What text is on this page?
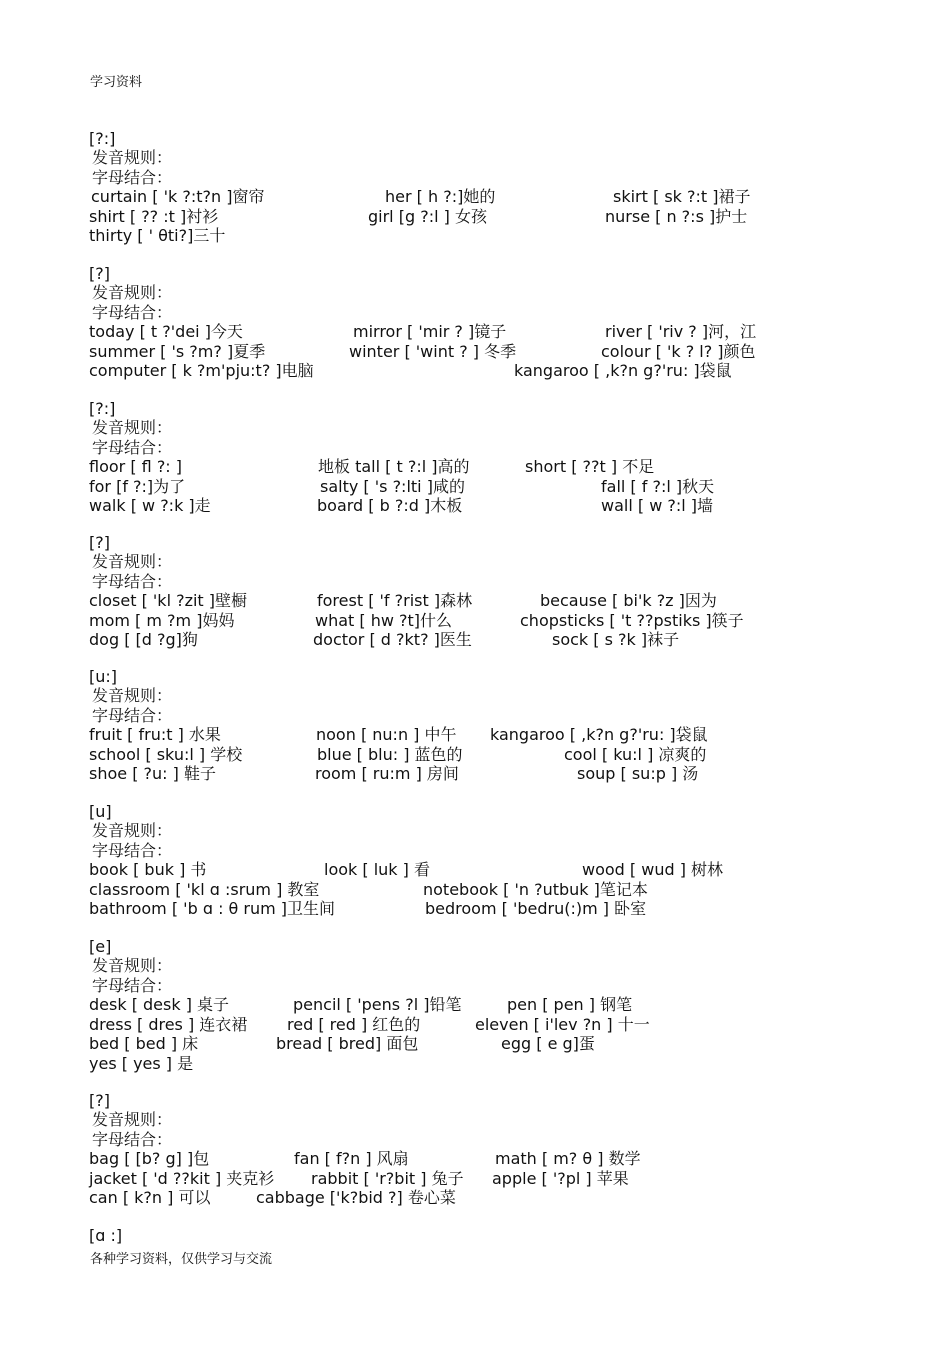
学习资料
[?:]
发音规则：
字母结合：
curtain [ 'k ?:t?n ]窗帘	her [ h ?:]她的	skirt [ sk ?:t ]裙子
shirt [ ?? :t ]衬衫	girl [g ?:l ] 女孩	nurse [ n ?:s ]护士
thirty [ ' θti?]三十
[?]
发音规则：
字母结合：
today [ t ?'dei ]今天	mirror [ 'mir ? ]镜子	river [ 'riv ? ]河，江
summer [ 's ?m? ]夏季	winter [ 'wint ? ] 冬季	colour [ 'k ? l? ]颜色
computer [ k ?m'pju:t? ]电脑	kangaroo [ ,k?n g?'ru: ]袋鼠
[?:]
发音规则：
字母结合：
floor [ fl ?: ]	地板 tall [ t ?:l ]高的	short [ ??t ] 不足
for [f ?:]为了	salty [ 's ?:lti ]咸的	fall [ f ?:l ]秋天
walk [ w ?:k ]走	board [ b ?:d ]木板	wall [ w ?:l ]墙
[?]
发音规则：
字母结合：
closet [ 'kl ?zit ]壁橱	forest [ 'f ?rist ]森林	because [ bi'k ?z ]因为
mom [ m ?m ]妈妈	what [ hw ?t]什么	chopsticks [ 't ??pstiks ]筷子
dog [ [d ?g]狗	doctor [ d ?kt? ]医生	sock [ s ?k ]袜子
[u:]
发音规则：
字母结合：
fruit [ fru:t ] 水果	noon [ nu:n ] 中午 kangaroo [ ,k?n g?'ru: ]袋鼠
school [ sku:l ] 学校	blue [ blu: ] 蓝色的	cool [ ku:l ] 凉爽的
shoe [ ?u: ] 鞋子	room [ ru:m ] 房间	soup [ su:p ] 汤
[u]
发音规则：
字母结合：
book [ buk ] 书	look [ luk ] 看	wood [ wud ] 树林
classroom [ 'kl ɑ :srum ] 教室	notebook [ 'n ?utbuk ]笔记本
bathroom [ 'b ɑ : θ rum ]卫生间	bedroom [ 'bedru(:)m ] 卧室
[e]
发音规则：
字母结合：
desk [ desk ] 桌子	pencil [ 'pens ?l ]铅笔	pen [ pen ] 钢笔
dress [ dres ] 连衣裙 red [ red ] 红色的	eleven [ i'lev ?n ] 十一
bed [ bed ] 床	bread [ bred] 面包	egg [ e g]蛋
yes [ yes ] 是
[?]
发音规则：
字母结合：
bag [ [b? g] ]包	fan [ f?n ] 风扇	math [ m? θ ] 数学
jacket [ 'd ??kit ] 夹克衫 rabbit [ 'r?bit ] 兔子 apple [ '?pl ] 苹果
can [ k?n ] 可以	cabbage ['k?bid ?] 卷心菜
[ɑ :]
各种学习资料，仅供学习与交流
